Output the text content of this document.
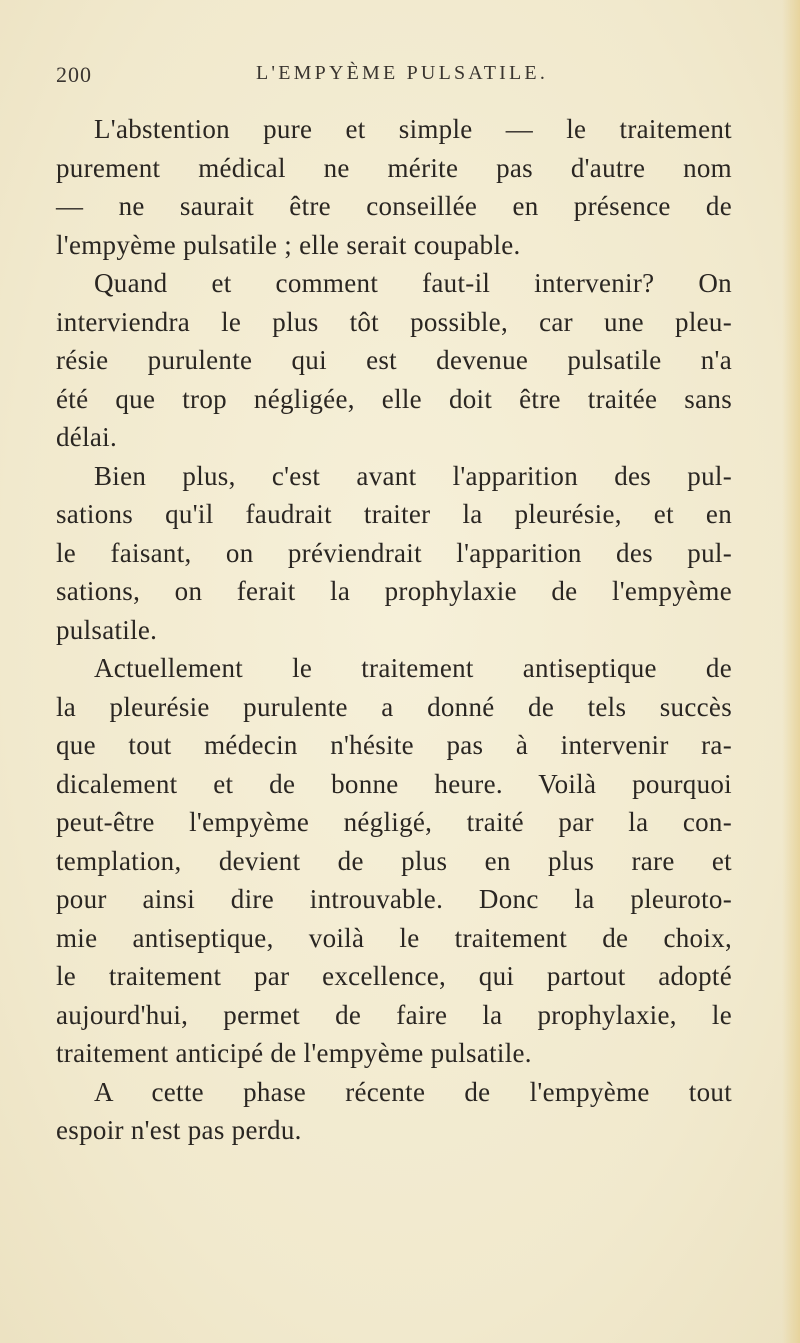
200	L'EMPYÈME PULSATILE.
L'abstention pure et simple — le traitement
purement médical ne mérite pas d'autre nom
— ne saurait être conseillée en présence de
l'empyème pulsatile ; elle serait coupable.
Quand et comment faut-il intervenir? On
interviendra le plus tôt possible, car une pleu-
résie purulente qui est devenue pulsatile n'a
été que trop négligée, elle doit être traitée sans
délai.
Bien plus, c'est avant l'apparition des pul-
sations qu'il faudrait traiter la pleurésie, et en
le faisant, on préviendrait l'apparition des pul-
sations, on ferait la prophylaxie de l'empyème
pulsatile.
Actuellement le traitement antiseptique de
la pleurésie purulente a donné de tels succès
que tout médecin n'hésite pas à intervenir ra-
dicalement et de bonne heure. Voilà pourquoi
peut-être l'empyème négligé, traité par la con-
templation, devient de plus en plus rare et
pour ainsi dire introuvable. Donc la pleuroto-
mie antiseptique, voilà le traitement de choix,
le traitement par excellence, qui partout adopté
aujourd'hui, permet de faire la prophylaxie, le
traitement anticipé de l'empyème pulsatile.
A cette phase récente de l'empyème tout
espoir n'est pas perdu.
